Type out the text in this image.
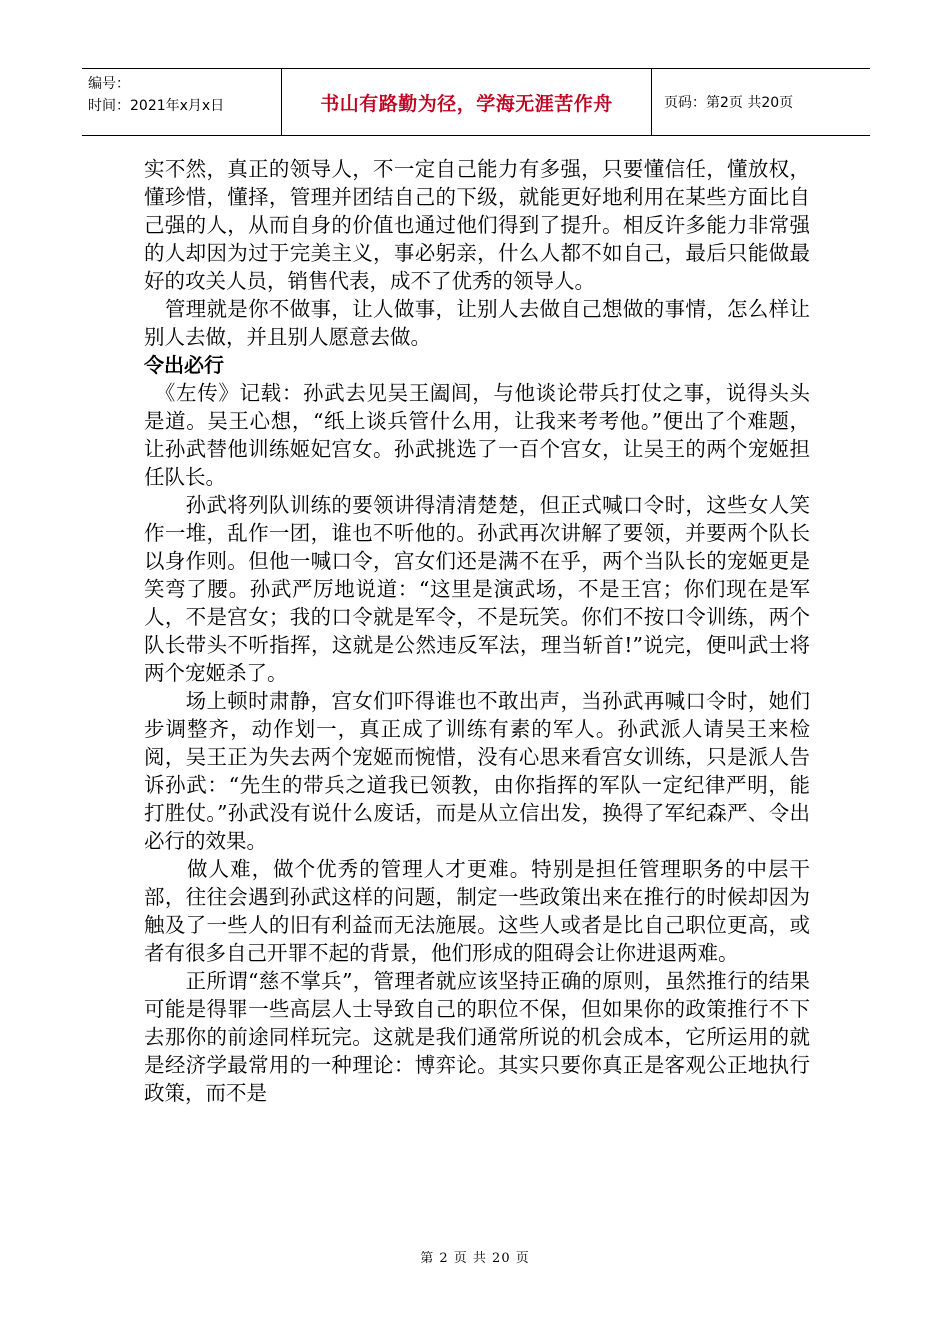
编号：
时间：2021年x月x日	书山有路勤为径，学海无涯苦作舟	页码：第2页 共20页

实不然，真正的领导人，不一定自己能力有多强，只要懂信任，懂放权，懂珍惜，懂择，管理并团结自己的下级，就能更好地利用在某些方面比自己强的人，从而自身的价值也通过他们得到了提升。相反许多能力非常强的人却因为过于完美主义，事必躬亲，什么人都不如自己，最后只能做最好的攻关人员，销售代表，成不了优秀的领导人。

　管理就是你不做事，让人做事，让别人去做自己想做的事情，怎么样让别人去做，并且别人愿意去做。

令出必行

　《左传》记载：孙武去见吴王阖闾，与他谈论带兵打仗之事，说得头头是道。吴王心想，“纸上谈兵管什么用，让我来考考他。”便出了个难题，让孙武替他训练姬妃宫女。孙武挑选了一百个宫女，让吴王的两个宠姬担任队长。

　　孙武将列队训练的要领讲得清清楚楚，但正式喊口令时，这些女人笑作一堆，乱作一团，谁也不听他的。孙武再次讲解了要领，并要两个队长以身作则。但他一喊口令，宫女们还是满不在乎，两个当队长的宠姬更是笑弯了腰。孙武严厉地说道：“这里是演武场，不是王宫；你们现在是军人，不是宫女；我的口令就是军令，不是玩笑。你们不按口令训练，两个队长带头不听指挥，这就是公然违反军法，理当斩首!”说完，便叫武士将两个宠姬杀了。

　　场上顿时肃静，宫女们吓得谁也不敢出声，当孙武再喊口令时，她们步调整齐，动作划一，真正成了训练有素的军人。孙武派人请吴王来检阅，吴王正为失去两个宠姬而惋惜，没有心思来看宫女训练，只是派人告诉孙武：“先生的带兵之道我已领教，由你指挥的军队一定纪律严明，能打胜仗。”孙武没有说什么废话，而是从立信出发，换得了军纪森严、令出必行的效果。

　　做人难，做个优秀的管理人才更难。特别是担任管理职务的中层干部，往往会遇到孙武这样的问题，制定一些政策出来在推行的时候却因为触及了一些人的旧有利益而无法施展。这些人或者是比自己职位更高，或者有很多自己开罪不起的背景，他们形成的阻碍会让你进退两难。

　　正所谓“慈不掌兵”，管理者就应该坚持正确的原则，虽然推行的结果可能是得罪一些高层人士导致自己的职位不保，但如果你的政策推行不下去那你的前途同样玩完。这就是我们通常所说的机会成本，它所运用的就是经济学最常用的一种理论：博弈论。其实只要你真正是客观公正地执行政策，而不是

第 2 页 共 20 页
